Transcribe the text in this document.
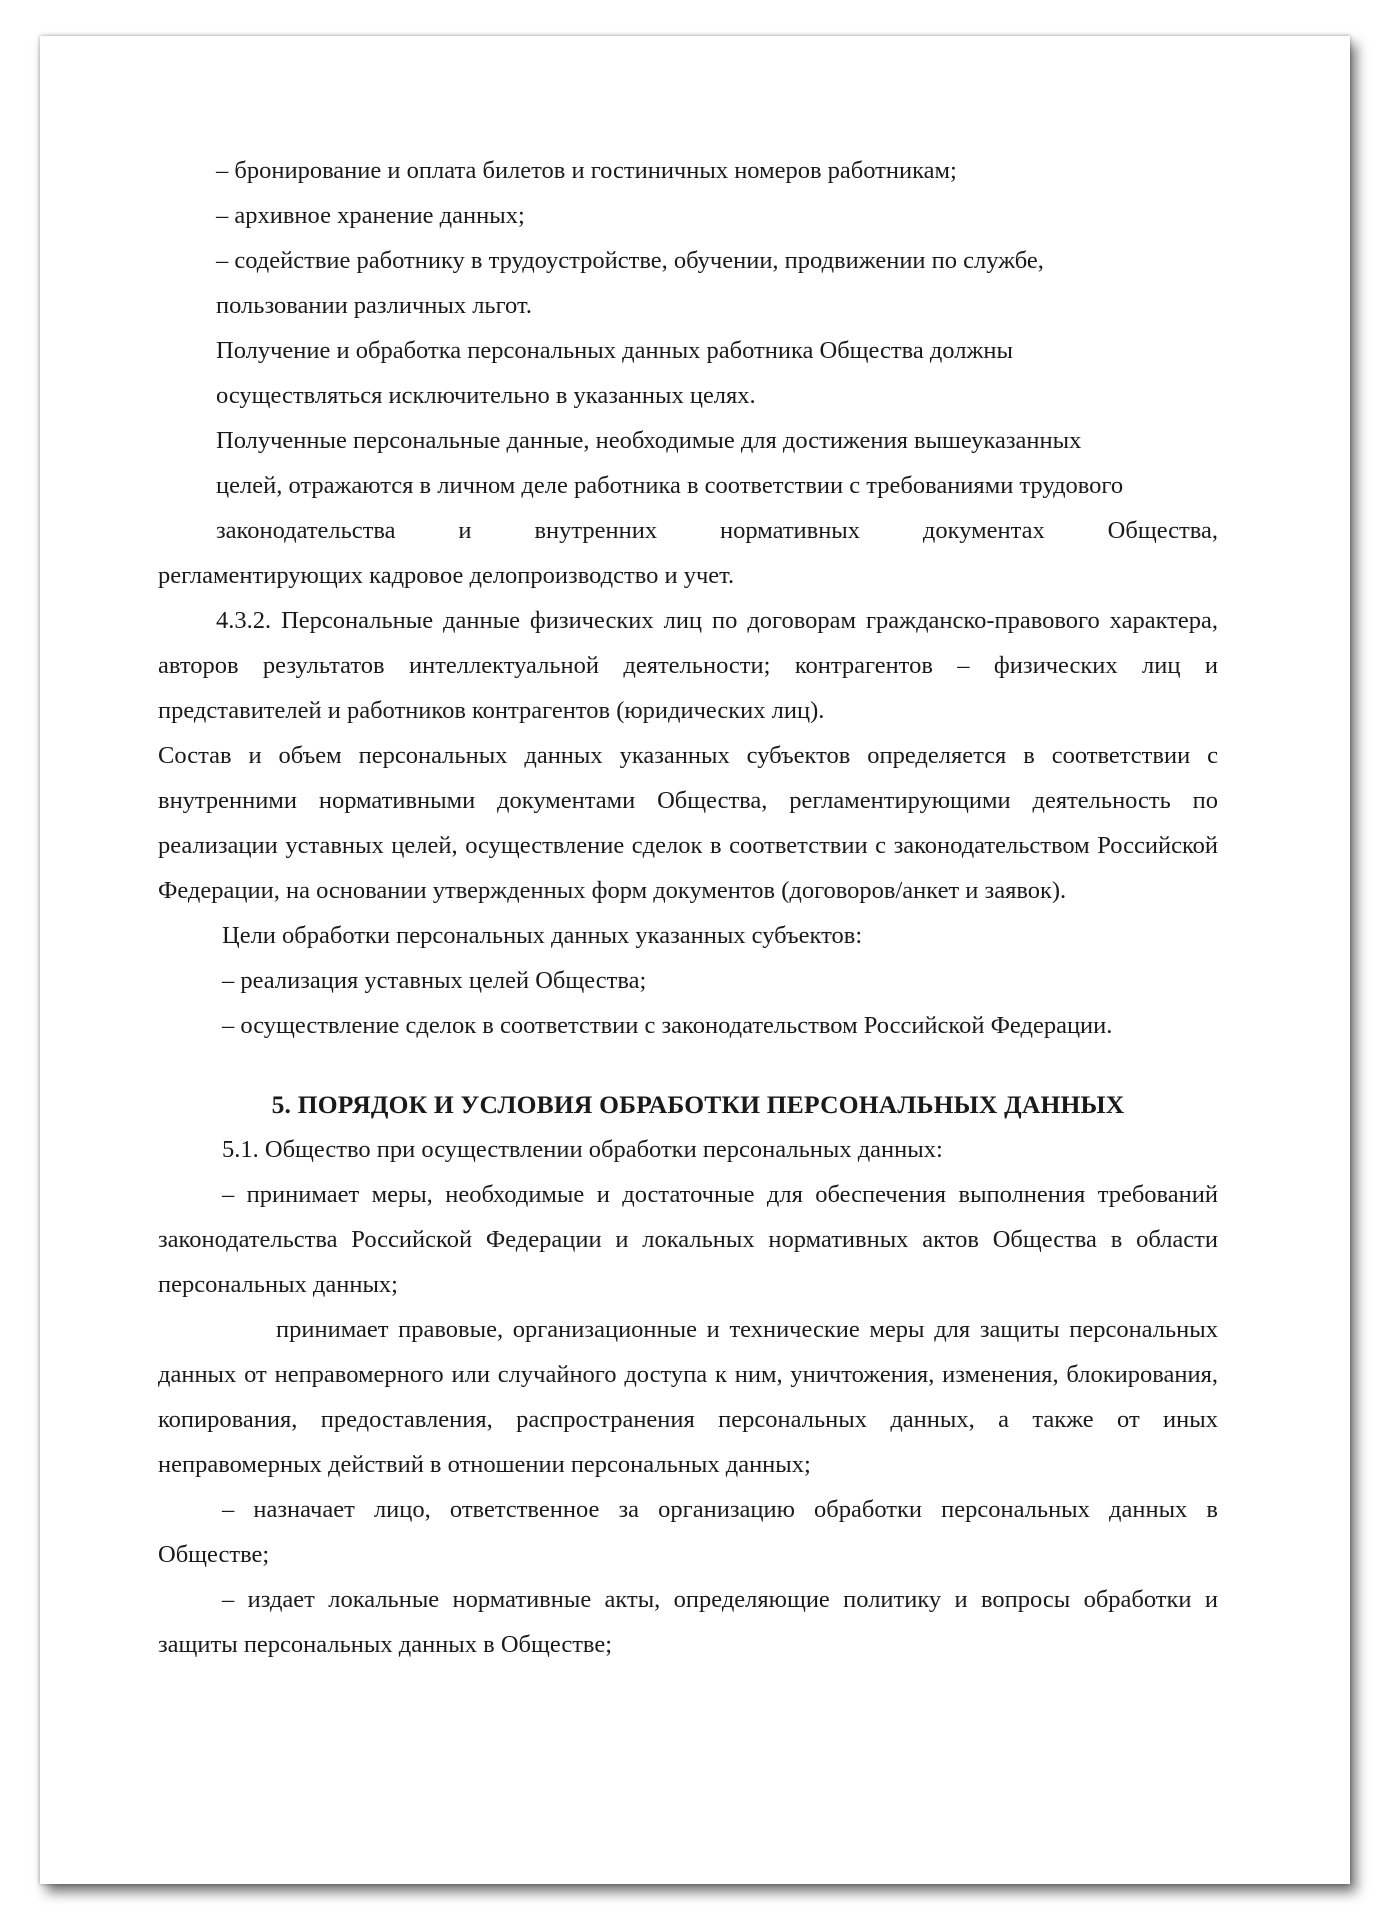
– бронирование и оплата билетов и гостиничных номеров работникам;

– архивное хранение данных;

– содействие работнику в трудоустройстве, обучении, продвижении по службе,

пользовании различных льгот.

Получение и обработка персональных данных работника Общества должны

осуществляться исключительно в указанных целях.

Полученные персональные данные, необходимые для достижения вышеуказанных

целей, отражаются в личном деле работника в соответствии с требованиями трудового

законодательства и внутренних нормативных документах Общества,

регламентирующих кадровое делопроизводство и учет.

4.3.2. Персональные данные физических лиц по договорам гражданско-правового характера, авторов результатов интеллектуальной деятельности; контрагентов – физических лиц и представителей и работников контрагентов (юридических лиц).

Состав и объем персональных данных указанных субъектов определяется в соответствии с внутренними нормативными документами Общества, регламентирующими деятельность по реализации уставных целей, осуществление сделок в соответствии с законодательством Российской Федерации, на основании утвержденных форм документов (договоров/анкет и заявок).

Цели обработки персональных данных указанных субъектов:

– реализация уставных целей Общества;

– осуществление сделок в соответствии с законодательством Российской Федерации.

5. ПОРЯДОК И УСЛОВИЯ ОБРАБОТКИ ПЕРСОНАЛЬНЫХ ДАННЫХ

5.1. Общество при осуществлении обработки персональных данных:

– принимает меры, необходимые и достаточные для обеспечения выполнения требований законодательства Российской Федерации и локальных нормативных актов Общества в области персональных данных;

принимает правовые, организационные и технические меры для защиты персональных данных от неправомерного или случайного доступа к ним, уничтожения, изменения, блокирования, копирования, предоставления, распространения персональных данных, а также от иных неправомерных действий в отношении персональных данных;

– назначает лицо, ответственное за организацию обработки персональных данных в Обществе;

– издает локальные нормативные акты, определяющие политику и вопросы обработки и защиты персональных данных в Обществе;
